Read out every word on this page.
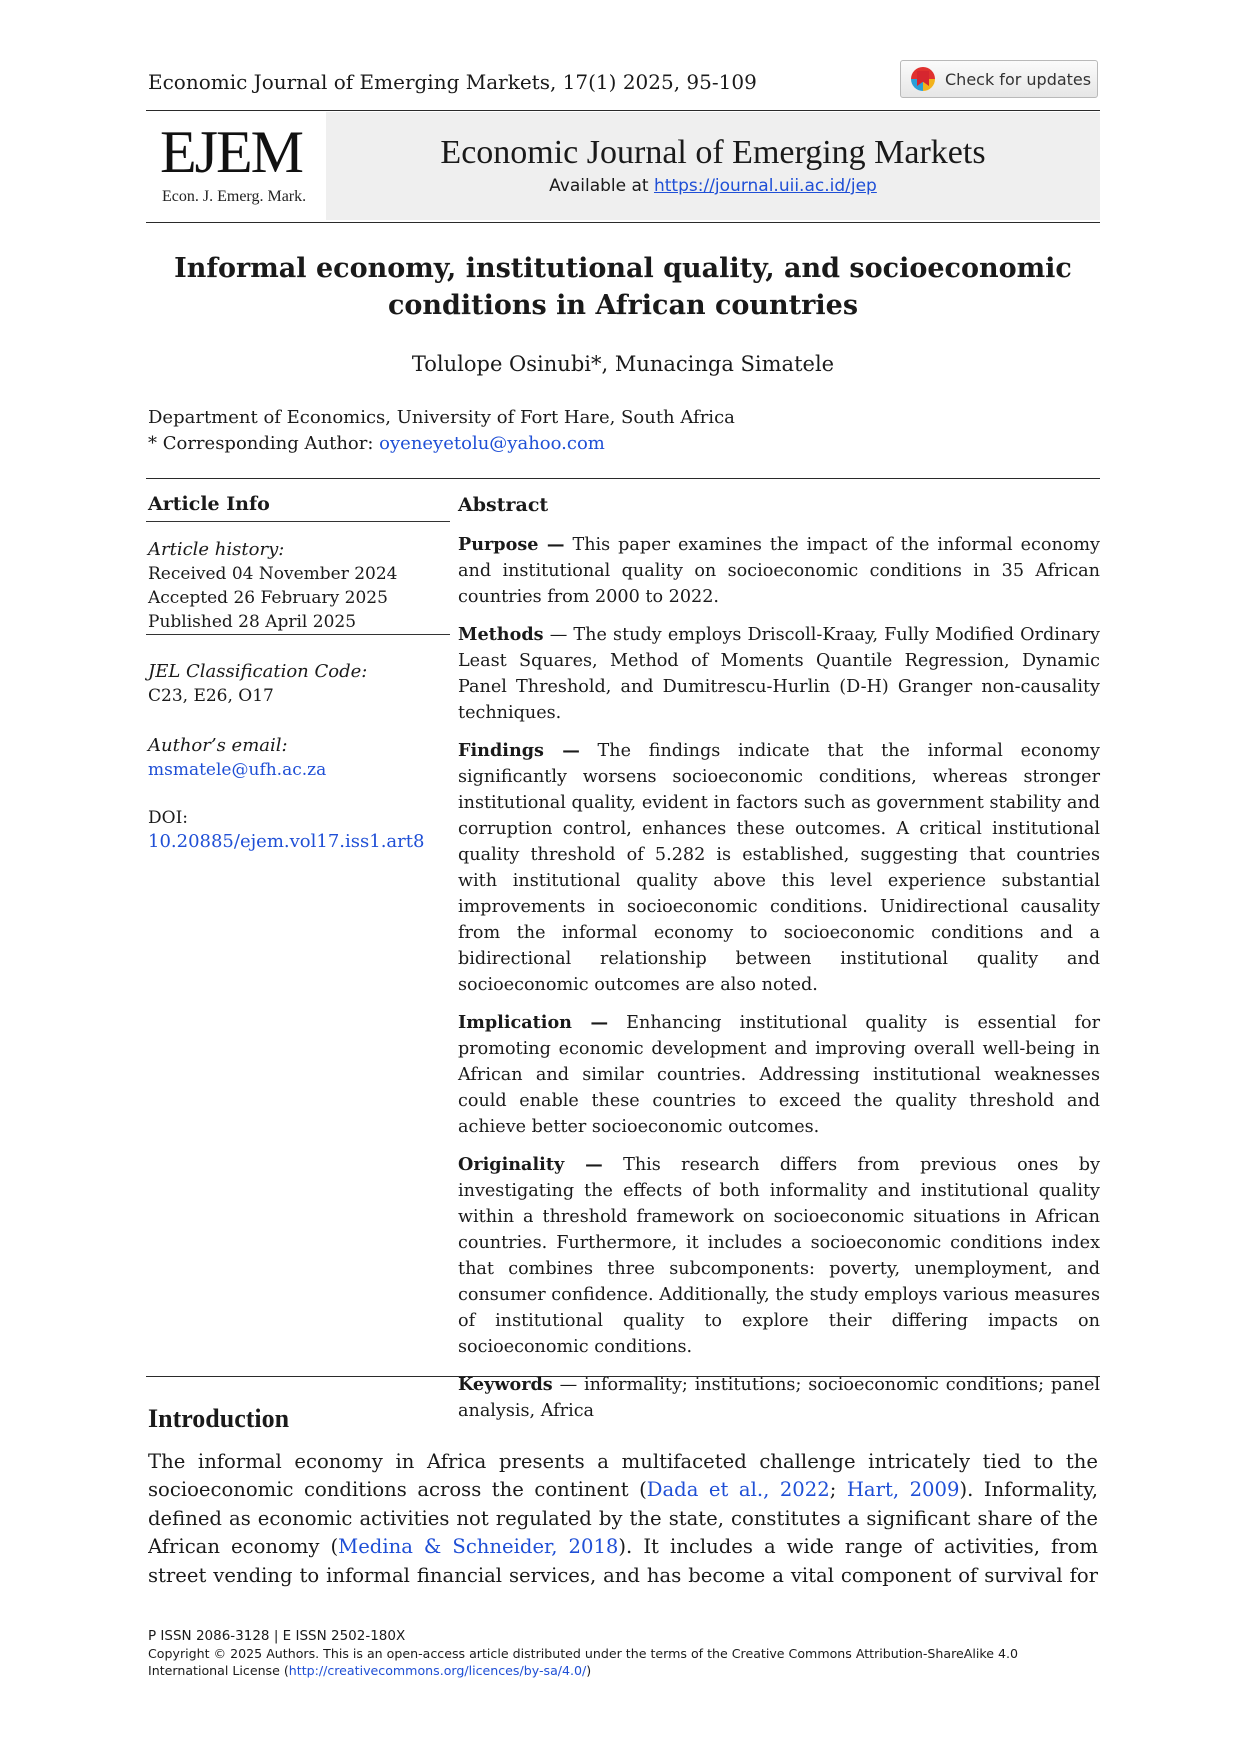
Economic Journal of Emerging Markets, 17(1) 2025, 95-109	Check for updates
EJEM
Econ. J. Emerg. Mark.
Economic Journal of Emerging Markets
Available at https://journal.uii.ac.id/jep
Informal economy, institutional quality, and socioeconomic
conditions in African countries
Tolulope Osinubi*, Munacinga Simatele
Department of Economics, University of Fort Hare, South Africa
* Corresponding Author: oyeneyetolu@yahoo.com
Article Info
Article history:
Received 04 November 2024
Accepted 26 February 2025
Published 28 April 2025
JEL Classification Code:
C23, E26, O17
Author’s email:
msmatele@ufh.ac.za
DOI:
10.20885/ejem.vol17.iss1.art8
Abstract

Purpose — This paper examines the impact of the informal economy and institutional quality on socioeconomic conditions in 35 African countries from 2000 to 2022.

Methods — The study employs Driscoll-Kraay, Fully Modified Ordinary Least Squares, Method of Moments Quantile Regression, Dynamic Panel Threshold, and Dumitrescu-Hurlin (D-H) Granger non-causality techniques.

Findings — The findings indicate that the informal economy significantly worsens socioeconomic conditions, whereas stronger institutional quality, evident in factors such as government stability and corruption control, enhances these outcomes. A critical institutional quality threshold of 5.282 is established, suggesting that countries with institutional quality above this level experience substantial improvements in socioeconomic conditions. Unidirectional causality from the informal economy to socioeconomic conditions and a bidirectional relationship between institutional quality and socioeconomic outcomes are also noted.

Implication — Enhancing institutional quality is essential for promoting economic development and improving overall well-being in African and similar countries. Addressing institutional weaknesses could enable these countries to exceed the quality threshold and achieve better socioeconomic outcomes.

Originality — This research differs from previous ones by investigating the effects of both informality and institutional quality within a threshold framework on socioeconomic situations in African countries. Furthermore, it includes a socioeconomic conditions index that combines three subcomponents: poverty, unemployment, and consumer confidence. Additionally, the study employs various measures of institutional quality to explore their differing impacts on socioeconomic conditions.

Keywords — informality; institutions; socioeconomic conditions; panel analysis, Africa

Introduction
The informal economy in Africa presents a multifaceted challenge intricately tied to the socioeconomic conditions across the continent (Dada et al., 2022; Hart, 2009). Informality, defined as economic activities not regulated by the state, constitutes a significant share of the African economy (Medina & Schneider, 2018). It includes a wide range of activities, from street vending to informal financial services, and has become a vital component of survival for
P ISSN 2086-3128 | E ISSN 2502-180X
Copyright © 2025 Authors. This is an open-access article distributed under the terms of the Creative Commons Attribution-ShareAlike 4.0 International License (http://creativecommons.org/licences/by-sa/4.0/)
